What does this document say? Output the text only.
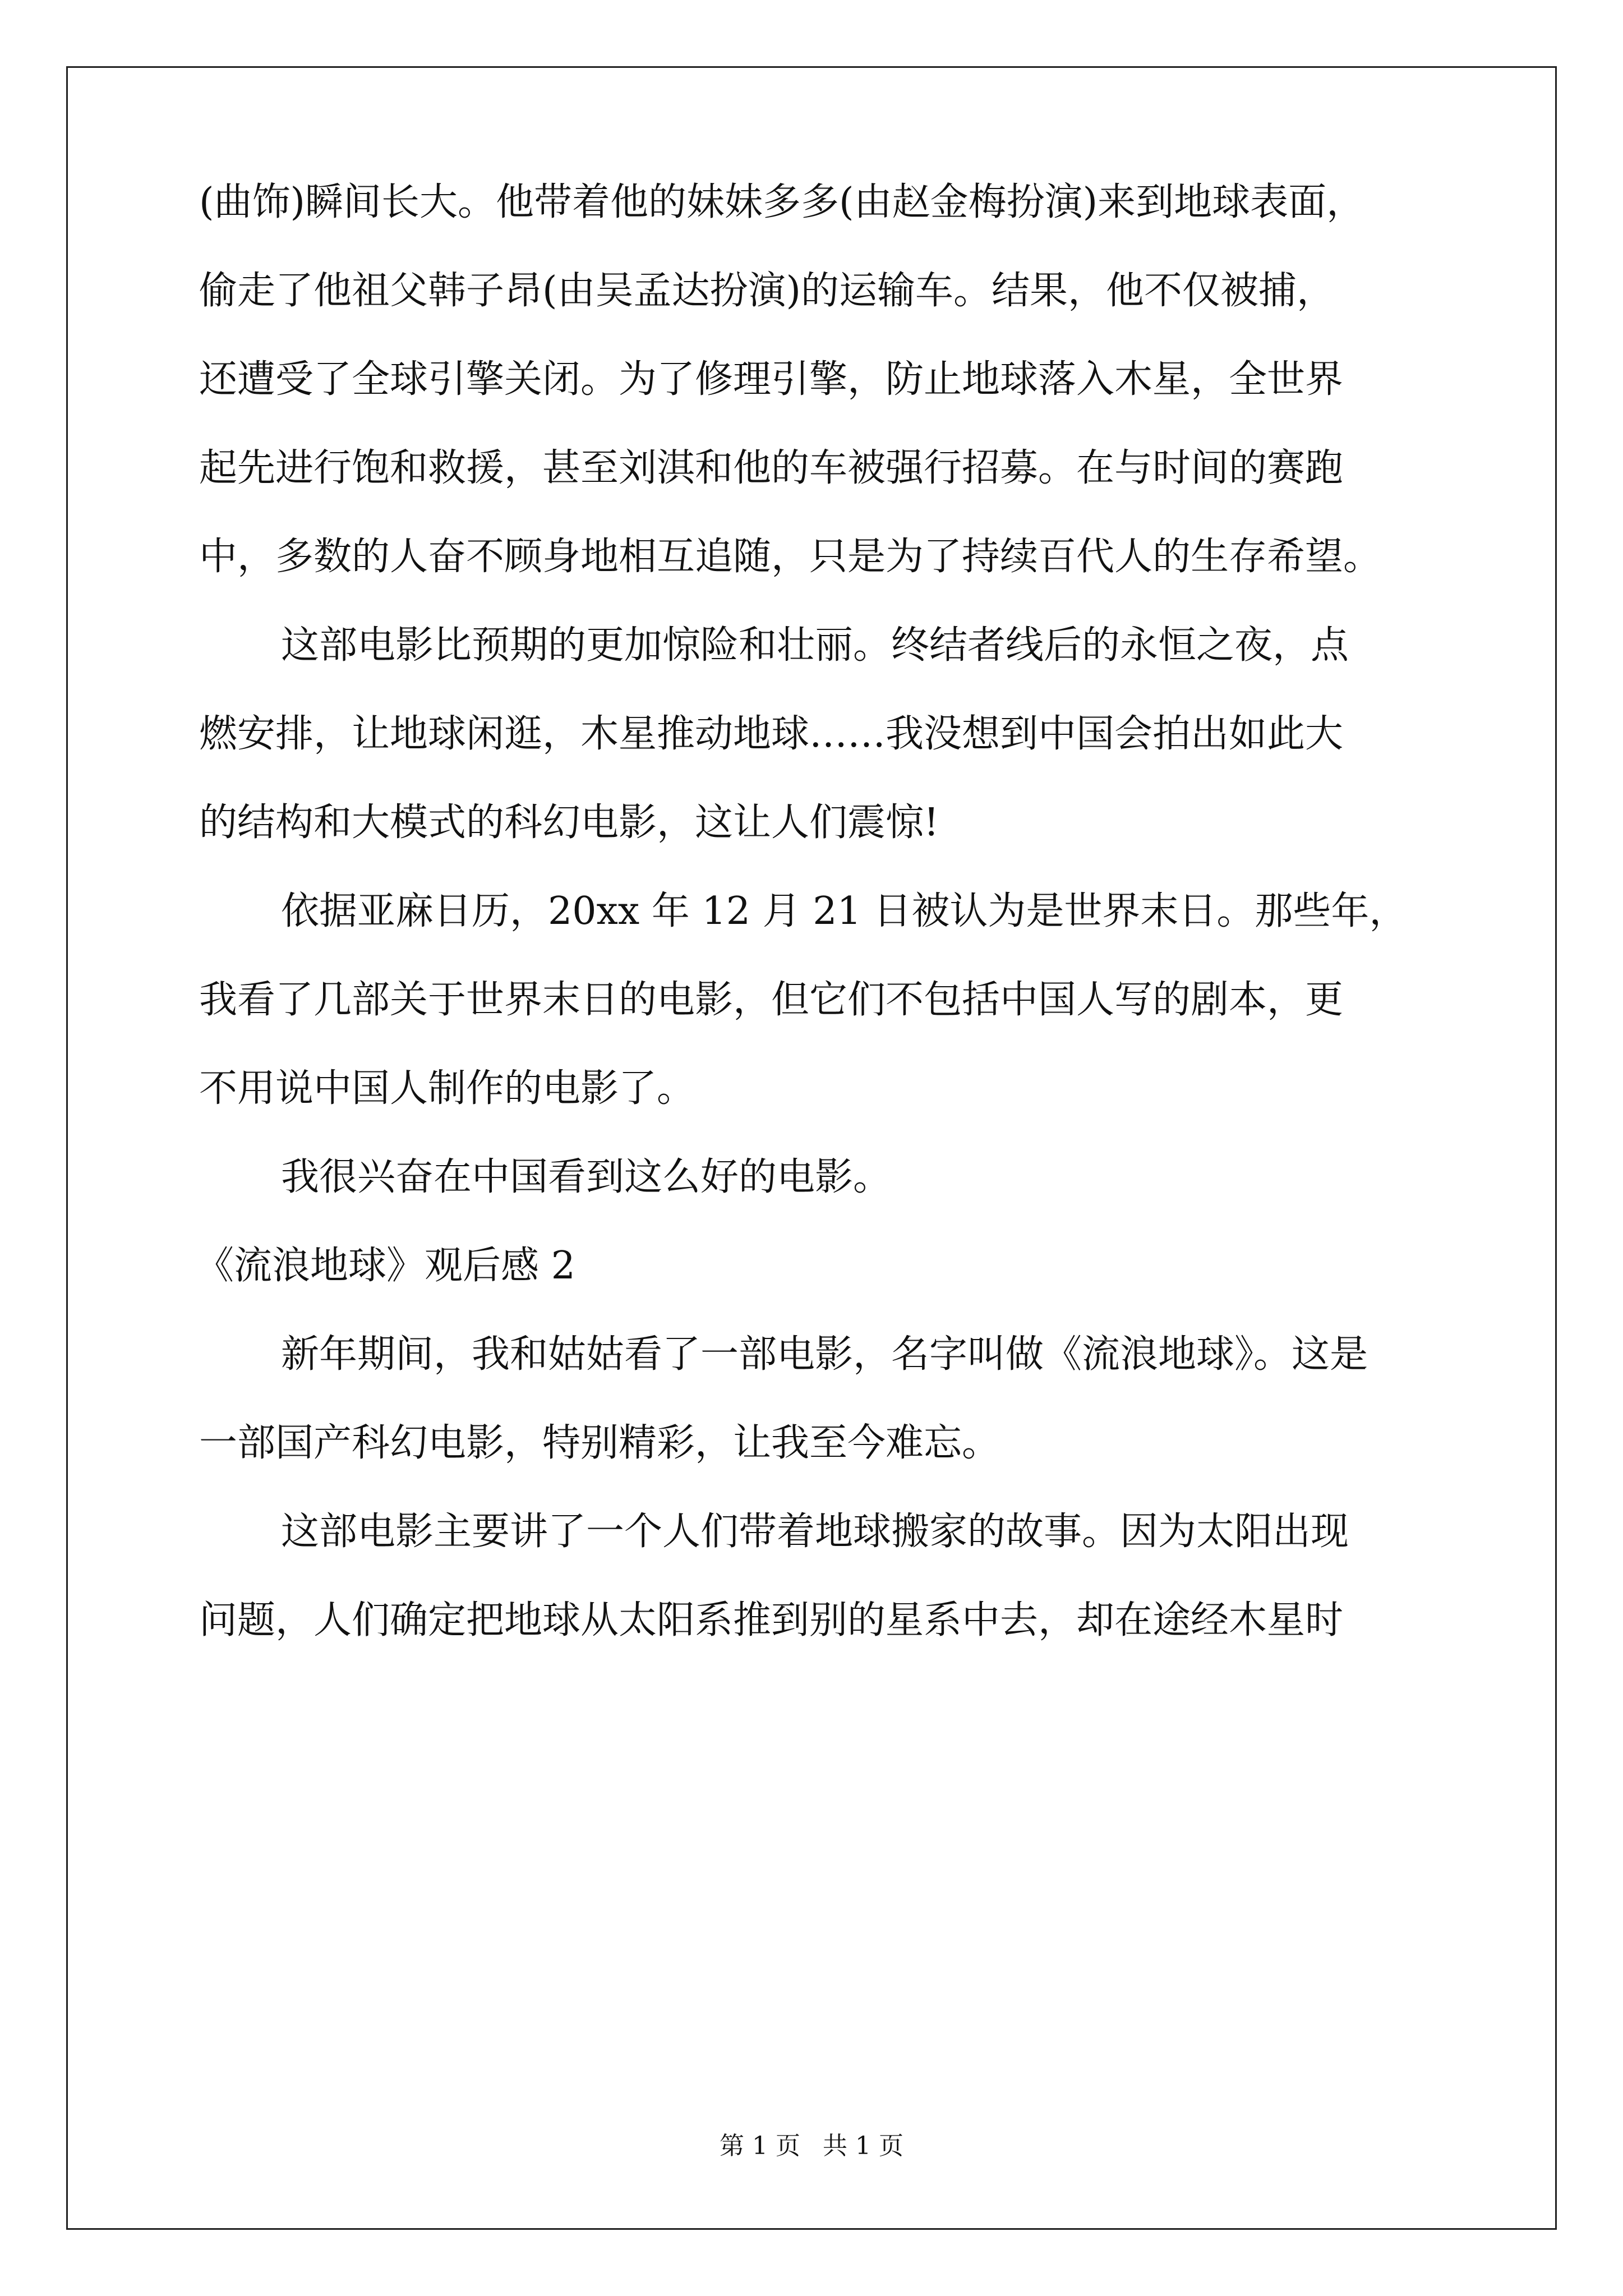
(曲饰)瞬间长大。他带着他的妹妹多多(由赵金梅扮演)来到地球表面，
偷走了他祖父韩子昂(由吴孟达扮演)的运输车。结果，他不仅被捕，
还遭受了全球引擎关闭。为了修理引擎，防止地球落入木星，全世界
起先进行饱和救援，甚至刘淇和他的车被强行招募。在与时间的赛跑
中，多数的人奋不顾身地相互追随，只是为了持续百代人的生存希望。
这部电影比预期的更加惊险和壮丽。终结者线后的永恒之夜，点
燃安排，让地球闲逛，木星推动地球……我没想到中国会拍出如此大
的结构和大模式的科幻电影，这让人们震惊!
依据亚麻日历，20xx 年 12 月 21 日被认为是世界末日。那些年，
我看了几部关于世界末日的电影，但它们不包括中国人写的剧本，更
不用说中国人制作的电影了。
我很兴奋在中国看到这么好的电影。
《流浪地球》观后感 2
新年期间，我和姑姑看了一部电影，名字叫做《流浪地球》。这是
一部国产科幻电影，特别精彩，让我至今难忘。
这部电影主要讲了一个人们带着地球搬家的故事。因为太阳出现
问题，人们确定把地球从太阳系推到别的星系中去，却在途经木星时
第 1 页 共 1 页
